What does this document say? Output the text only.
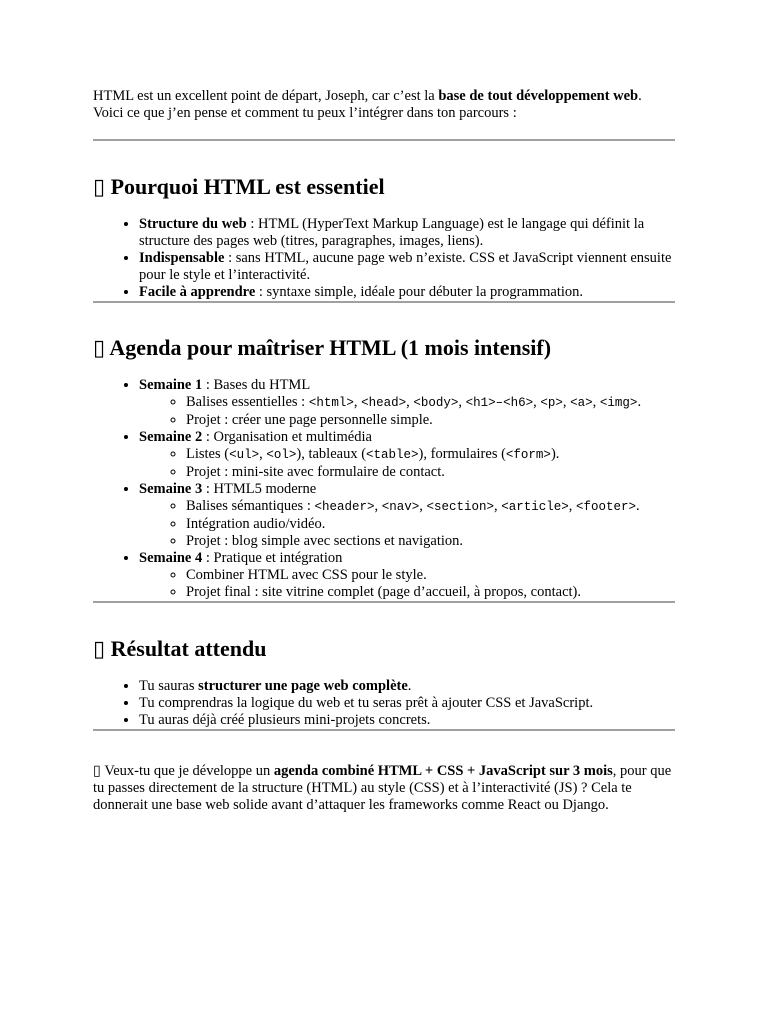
HTML est un excellent point de départ, Joseph, car c’est la base de tout développement web. Voici ce que j’en pense et comment tu peux l’intégrer dans ton parcours :

▯ Pourquoi HTML est essentiel
• Structure du web : HTML (HyperText Markup Language) est le langage qui définit la structure des pages web (titres, paragraphes, images, liens).
• Indispensable : sans HTML, aucune page web n’existe. CSS et JavaScript viennent ensuite pour le style et l’interactivité.
• Facile à apprendre : syntaxe simple, idéale pour débuter la programmation.
▯ Agenda pour maîtriser HTML (1 mois intensif)
• Semaine 1 : Bases du HTML
◦ Balises essentielles : <html>, <head>, <body>, <h1>–<h6>, <p>, <a>, <img>.
◦ Projet : créer une page personnelle simple.
• Semaine 2 : Organisation et multimédia
◦ Listes (<ul>, <ol>), tableaux (<table>), formulaires (<form>).
◦ Projet : mini-site avec formulaire de contact.
• Semaine 3 : HTML5 moderne
◦ Balises sémantiques : <header>, <nav>, <section>, <article>, <footer>.
◦ Intégration audio/vidéo.
◦ Projet : blog simple avec sections et navigation.
• Semaine 4 : Pratique et intégration
◦ Combiner HTML avec CSS pour le style.
◦ Projet final : site vitrine complet (page d’accueil, à propos, contact).
▯ Résultat attendu
• Tu sauras structurer une page web complète.
• Tu comprendras la logique du web et tu seras prêt à ajouter CSS et JavaScript.
• Tu auras déjà créé plusieurs mini-projets concrets.

▯ Veux-tu que je développe un agenda combiné HTML + CSS + JavaScript sur 3 mois, pour que tu passes directement de la structure (HTML) au style (CSS) et à l’interactivité (JS) ? Cela te donnerait une base web solide avant d’attaquer les frameworks comme React ou Django.
